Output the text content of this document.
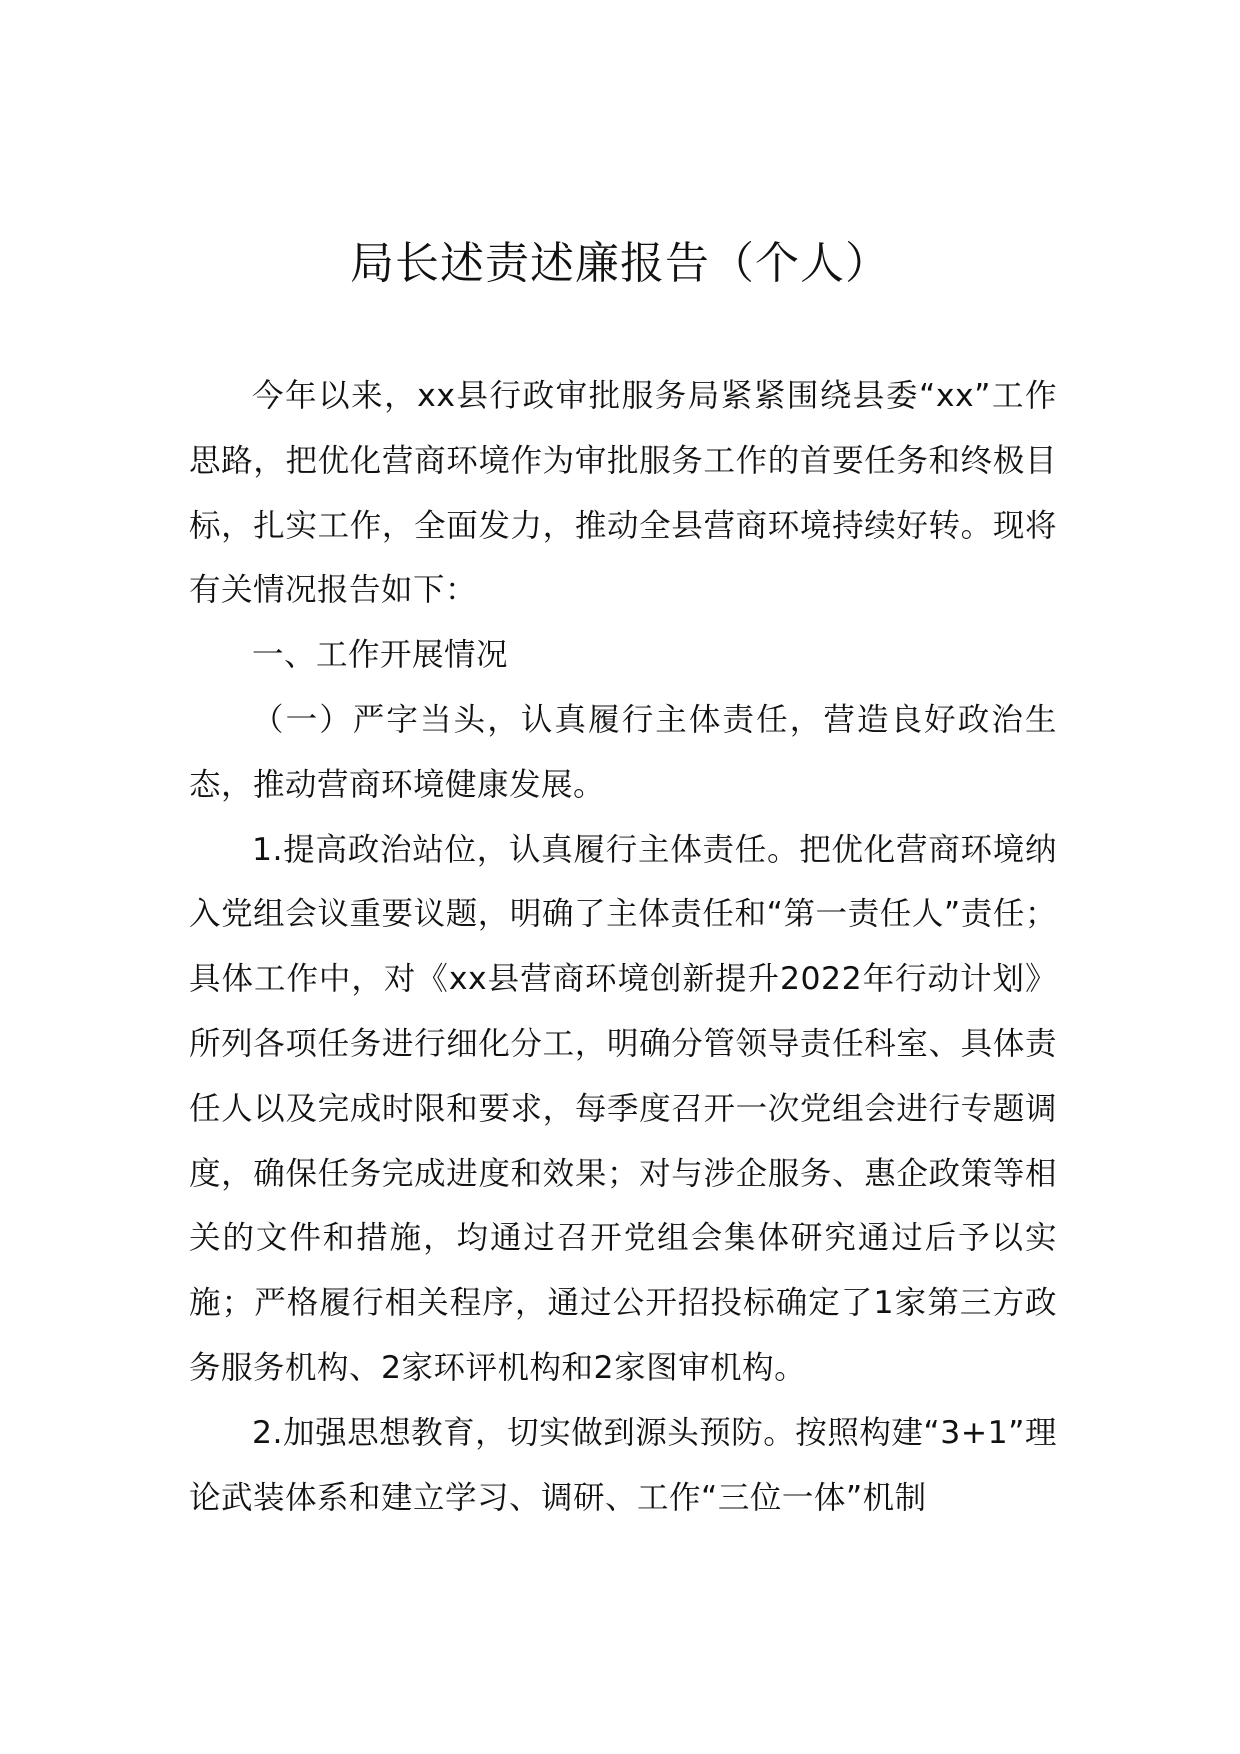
局长述责述廉报告（个人）

今年以来，xx县行政审批服务局紧紧围绕县委“xx”工作思路，把优化营商环境作为审批服务工作的首要任务和终极目标，扎实工作，全面发力，推动全县营商环境持续好转。现将有关情况报告如下：

一、工作开展情况

（一）严字当头，认真履行主体责任，营造良好政治生态，推动营商环境健康发展。

1.提高政治站位，认真履行主体责任。把优化营商环境纳入党组会议重要议题，明确了主体责任和“第一责任人”责任；具体工作中，对《xx县营商环境创新提升2022年行动计划》所列各项任务进行细化分工，明确分管领导责任科室、具体责任人以及完成时限和要求，每季度召开一次党组会进行专题调度，确保任务完成进度和效果；对与涉企服务、惠企政策等相关的文件和措施，均通过召开党组会集体研究通过后予以实施；严格履行相关程序，通过公开招投标确定了1家第三方政务服务机构、2家环评机构和2家图审机构。

2.加强思想教育，切实做到源头预防。按照构建“3+1”理论武装体系和建立学习、调研、工作“三位一体”机制
